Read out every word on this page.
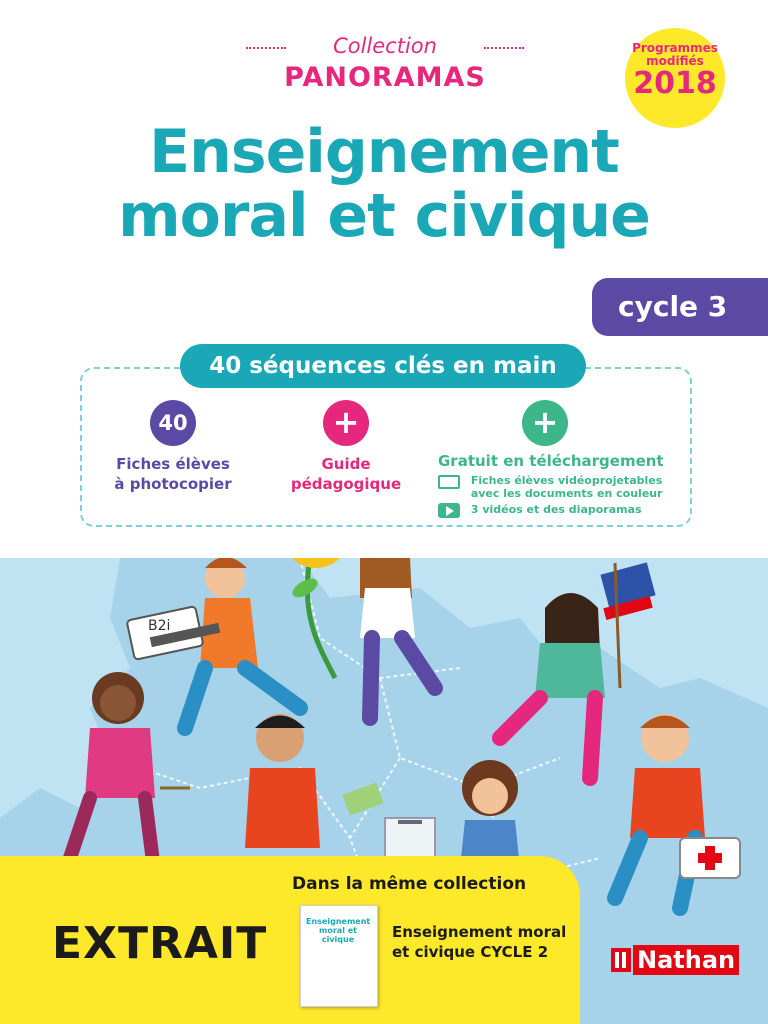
Collection
PANORAMAS
Programmes
modifiés
2018
Enseignement
moral et civique
cycle 3
40 séquences clés en main
40	+	+
Fiches élèves
à photocopier
Guide
pédagogique
Gratuit en téléchargement

Fiches élèves vidéoprojetables
avec les documents en couleur
3 vidéos et des diaporamas
B2i
EXTRAIT
Dans la même collection
Enseignement moral et civique	Enseignement moral
et civique CYCLE 2	Nathan
